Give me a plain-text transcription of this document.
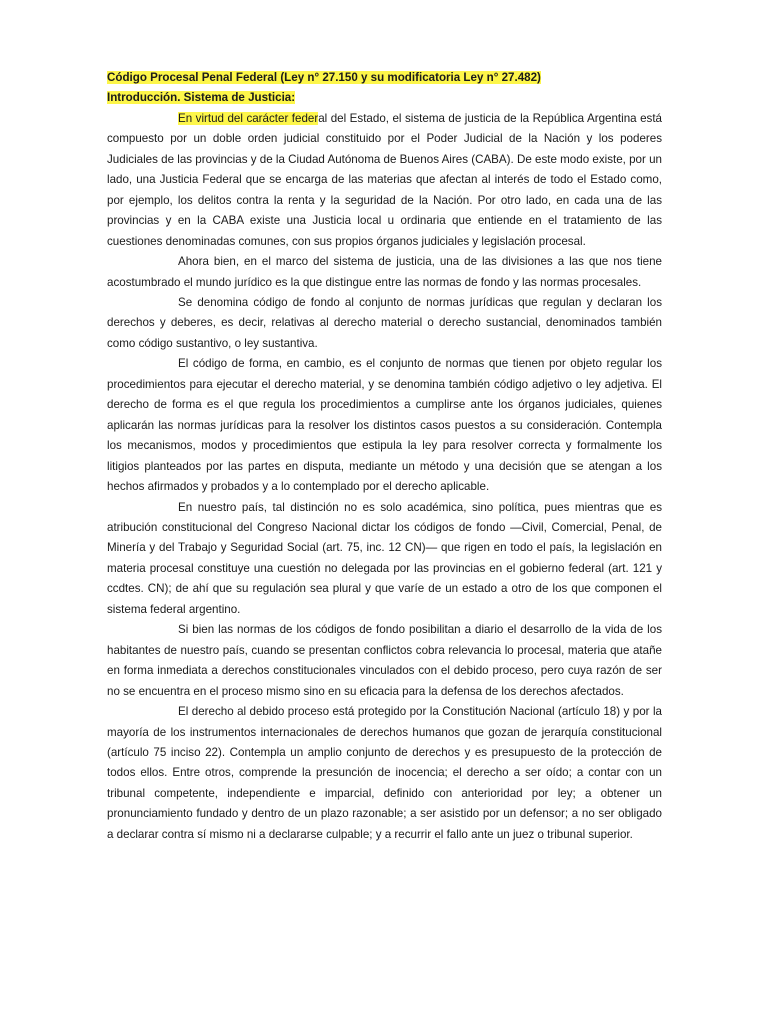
Código Procesal Penal Federal (Ley n° 27.150 y su modificatoria Ley n° 27.482)

Introducción. Sistema de Justicia:

En virtud del carácter federal del Estado, el sistema de justicia de la República Argentina está compuesto por un doble orden judicial constituido por el Poder Judicial de la Nación y los poderes Judiciales de las provincias y de la Ciudad Autónoma de Buenos Aires (CABA). De este modo existe, por un lado, una Justicia Federal que se encarga de las materias que afectan al interés de todo el Estado como, por ejemplo, los delitos contra la renta y la seguridad de la Nación. Por otro lado, en cada una de las provincias y en la CABA existe una Justicia local u ordinaria que entiende en el tratamiento de las cuestiones denominadas comunes, con sus propios órganos judiciales y legislación procesal.

Ahora bien, en el marco del sistema de justicia, una de las divisiones a las que nos tiene acostumbrado el mundo jurídico es la que distingue entre las normas de fondo y las normas procesales.

Se denomina código de fondo al conjunto de normas jurídicas que regulan y declaran los derechos y deberes, es decir, relativas al derecho material o derecho sustancial, denominados también como código sustantivo, o ley sustantiva.

El código de forma, en cambio, es el conjunto de normas que tienen por objeto regular los procedimientos para ejecutar el derecho material, y se denomina también código adjetivo o ley adjetiva. El derecho de forma es el que regula los procedimientos a cumplirse ante los órganos judiciales, quienes aplicarán las normas jurídicas para la resolver los distintos casos puestos a su consideración. Contempla los mecanismos, modos y procedimientos que estipula la ley para resolver correcta y formalmente los litigios planteados por las partes en disputa, mediante un método y una decisión que se atengan a los hechos afirmados y probados y a lo contemplado por el derecho aplicable.

En nuestro país, tal distinción no es solo académica, sino política, pues mientras que es atribución constitucional del Congreso Nacional dictar los códigos de fondo —Civil, Comercial, Penal, de Minería y del Trabajo y Seguridad Social (art. 75, inc. 12 CN)— que rigen en todo el país, la legislación en materia procesal constituye una cuestión no delegada por las provincias en el gobierno federal (art. 121 y ccdtes. CN); de ahí que su regulación sea plural y que varíe de un estado a otro de los que componen el sistema federal argentino.

Si bien las normas de los códigos de fondo posibilitan a diario el desarrollo de la vida de los habitantes de nuestro país, cuando se presentan conflictos cobra relevancia lo procesal, materia que atañe en forma inmediata a derechos constitucionales vinculados con el debido proceso, pero cuya razón de ser no se encuentra en el proceso mismo sino en su eficacia para la defensa de los derechos afectados.

El derecho al debido proceso está protegido por la Constitución Nacional (artículo 18) y por la mayoría de los instrumentos internacionales de derechos humanos que gozan de jerarquía constitucional (artículo 75 inciso 22). Contempla un amplio conjunto de derechos y es presupuesto de la protección de todos ellos. Entre otros, comprende la presunción de inocencia; el derecho a ser oído; a contar con un tribunal competente, independiente e imparcial, definido con anterioridad por ley; a obtener un pronunciamiento fundado y dentro de un plazo razonable; a ser asistido por un defensor; a no ser obligado a declarar contra sí mismo ni a declararse culpable; y a recurrir el fallo ante un juez o tribunal superior.
